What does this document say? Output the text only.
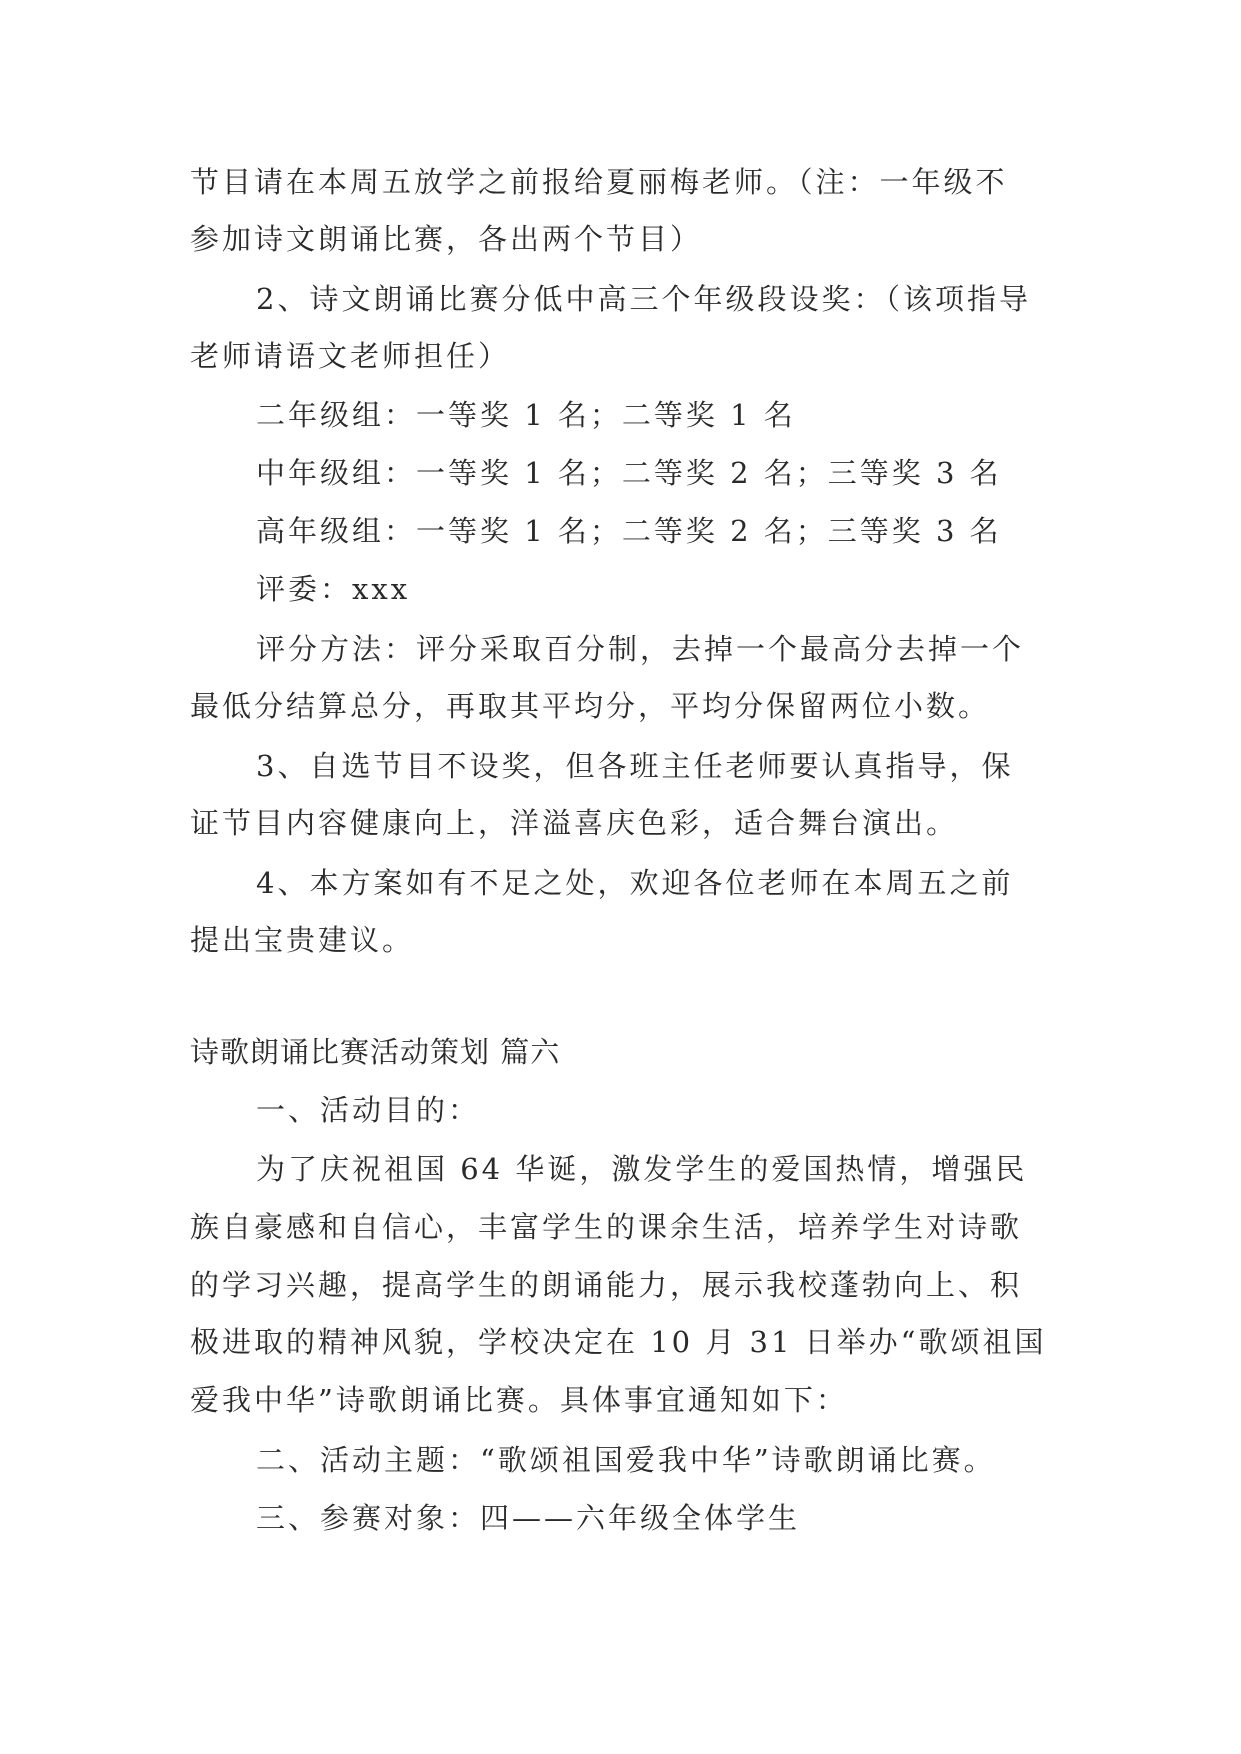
节目请在本周五放学之前报给夏丽梅老师。（注：一年级不
参加诗文朗诵比赛，各出两个节目）
2、诗文朗诵比赛分低中高三个年级段设奖：（该项指导
老师请语文老师担任）
二年级组：一等奖 1 名；二等奖 1 名
中年级组：一等奖 1 名；二等奖 2 名；三等奖 3 名
高年级组：一等奖 1 名；二等奖 2 名；三等奖 3 名
评委：xxx
评分方法：评分采取百分制，去掉一个最高分去掉一个
最低分结算总分，再取其平均分，平均分保留两位小数。
3、自选节目不设奖，但各班主任老师要认真指导，保
证节目内容健康向上，洋溢喜庆色彩，适合舞台演出。
4、本方案如有不足之处，欢迎各位老师在本周五之前
提出宝贵建议。
诗歌朗诵比赛活动策划 篇六
一、活动目的：
为了庆祝祖国 64 华诞，激发学生的爱国热情，增强民
族自豪感和自信心，丰富学生的课余生活，培养学生对诗歌
的学习兴趣，提高学生的朗诵能力，展示我校蓬勃向上、积
极进取的精神风貌，学校决定在 10 月 31 日举办“歌颂祖国
爱我中华”诗歌朗诵比赛。具体事宜通知如下：
二、活动主题：“歌颂祖国爱我中华”诗歌朗诵比赛。
三、参赛对象：四——六年级全体学生
